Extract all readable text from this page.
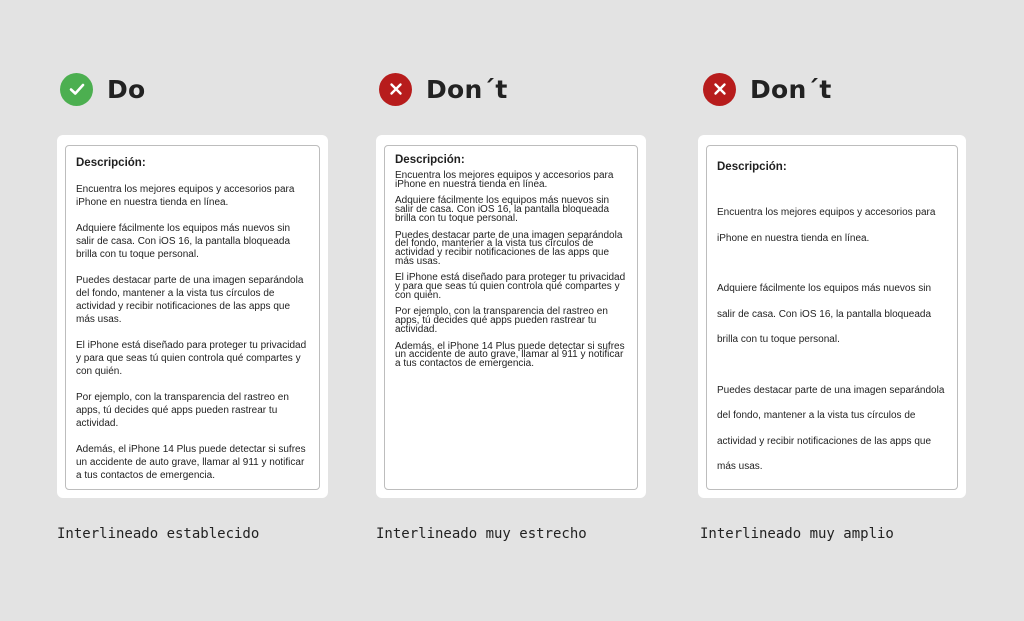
Do
Descripción:

Encuentra los mejores equipos y accesorios para iPhone en nuestra tienda en línea.

Adquiere fácilmente los equipos más nuevos sin salir de casa. Con iOS 16, la pantalla bloqueada brilla con tu toque personal.

Puedes destacar parte de una imagen separándola del fondo, mantener a la vista tus círculos de actividad y recibir notificaciones de las apps que más usas.

El iPhone está diseñado para proteger tu privacidad y para que seas tú quien controla qué compartes y con quién.

Por ejemplo, con la transparencia del rastreo en apps, tú decides qué apps pueden rastrear tu actividad.

Además, el iPhone 14 Plus puede detectar si sufres un accidente de auto grave, llamar al 911 y notificar a tus contactos de emergencia.

Interlineado establecido
Don´t
Descripción:

Encuentra los mejores equipos y accesorios para iPhone en nuestra tienda en línea.

Adquiere fácilmente los equipos más nuevos sin salir de casa. Con iOS 16, la pantalla bloqueada brilla con tu toque personal.

Puedes destacar parte de una imagen separándola del fondo, mantener a la vista tus círculos de actividad y recibir notificaciones de las apps que más usas.

El iPhone está diseñado para proteger tu privacidad y para que seas tú quien controla qué compartes y con quién.

Por ejemplo, con la transparencia del rastreo en apps, tú decides qué apps pueden rastrear tu actividad.

Además, el iPhone 14 Plus puede detectar si sufres un accidente de auto grave, llamar al 911 y notificar a tus contactos de emergencia.

Interlineado muy estrecho
Don´t
Descripción:

Encuentra los mejores equipos y accesorios para iPhone en nuestra tienda en línea.

Adquiere fácilmente los equipos más nuevos sin salir de casa. Con iOS 16, la pantalla bloqueada brilla con tu toque personal.

Puedes destacar parte de una imagen separándola del fondo, mantener a la vista tus círculos de actividad y recibir notificaciones de las apps que más usas.

Interlineado muy amplio
